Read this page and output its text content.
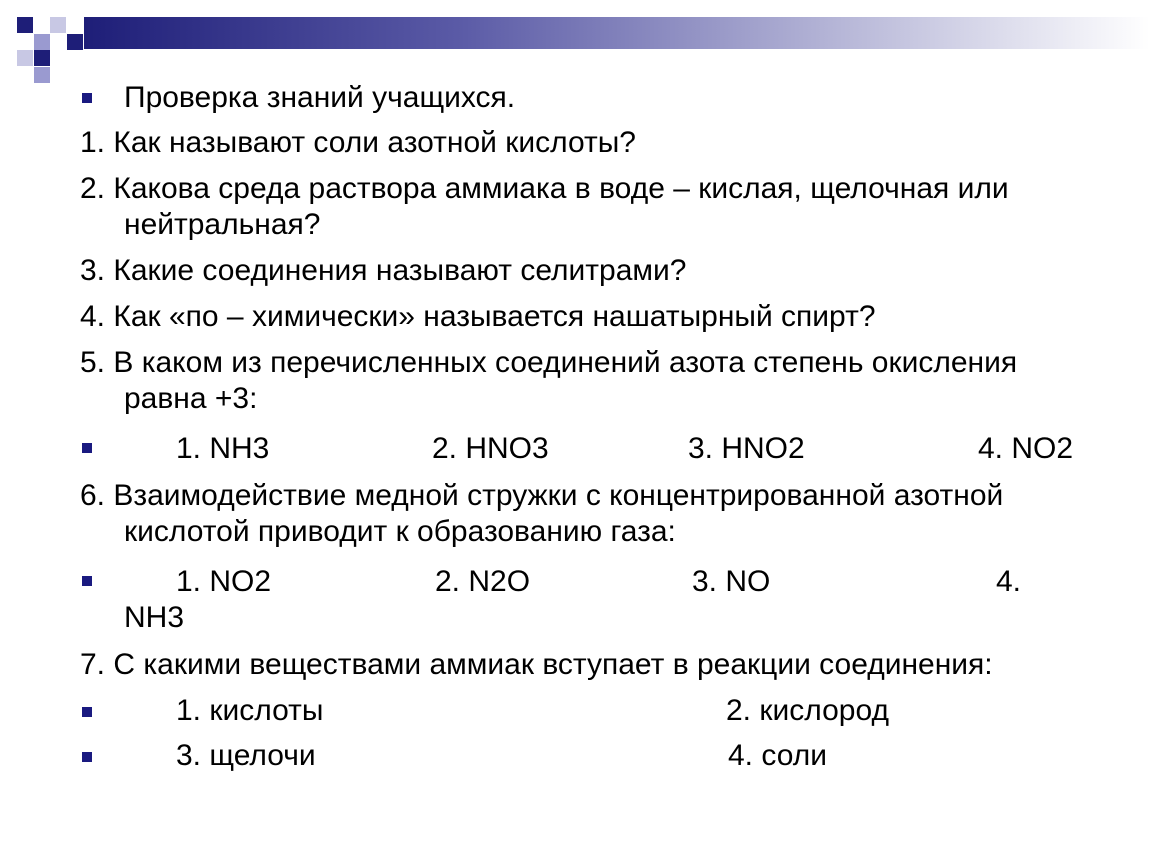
Проверка знаний учащихся.
1. Как называют соли азотной кислоты?
2. Какова среда раствора аммиака в воде – кислая, щелочная или
нейтральная?
3. Какие соединения называют селитрами?
4. Как «по – химически» называется нашатырный спирт?
5. В каком из перечисленных соединений азота степень окисления
равна +3:
1. NH3	2. HNO3	3. HNO2	4. NO2
6. Взаимодействие медной стружки с концентрированной азотной
кислотой приводит к образованию газа:
1. NO2	2. N2O	3. NO	4.
NH3
7. С какими веществами аммиак вступает в реакции соединения:
1. кислоты	2. кислород
3. щелочи	4. соли
